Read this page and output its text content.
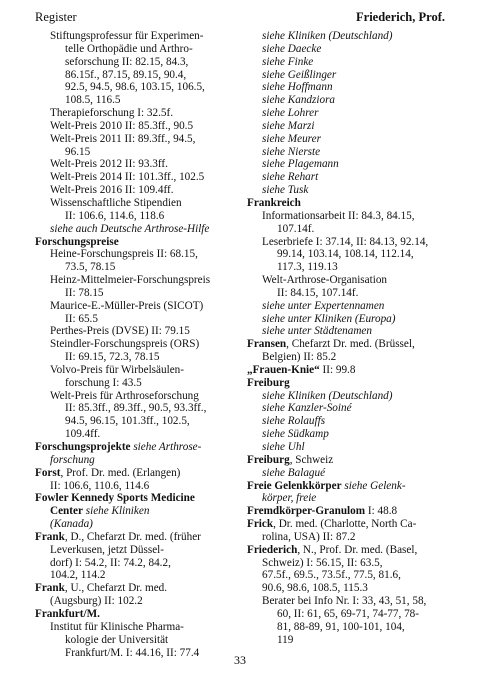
Register	Friederich, Prof.
Stiftungsprofessur für Experimen-
telle Orthopädie und Arthro-
seforschung II: 82.15, 84.3,
86.15f., 87.15, 89.15, 90.4,
92.5, 94.5, 98.6, 103.15, 106.5,
108.5, 116.5
Therapieforschung I: 32.5f.
Welt-Preis 2010 II: 85.3ff., 90.5
Welt-Preis 2011 II: 89.3ff., 94.5,
96.15
Welt-Preis 2012 II: 93.3ff.
Welt-Preis 2014 II: 101.3ff., 102.5
Welt-Preis 2016 II: 109.4ff.
Wissenschaftliche Stipendien
II: 106.6, 114.6, 118.6
siehe auch Deutsche Arthrose-Hilfe
Forschungspreise
Heine-Forschungspreis II: 68.15,
73.5, 78.15
Heinz-Mittelmeier-Forschungspreis
II: 78.15
Maurice-E.-Müller-Preis (SICOT)
II: 65.5
Perthes-Preis (DVSE) II: 79.15
Steindler-Forschungspreis (ORS)
II: 69.15, 72.3, 78.15
Volvo-Preis für Wirbelsäulen-
forschung I: 43.5
Welt-Preis für Arthroseforschung
II: 85.3ff., 89.3ff., 90.5, 93.3ff.,
94.5, 96.15, 101.3ff., 102.5,
109.4ff.
Forschungsprojekte siehe Arthrose-
forschung
Forst, Prof. Dr. med. (Erlangen)
II: 106.6, 110.6, 114.6
Fowler Kennedy Sports Medicine
Center siehe Kliniken
(Kanada)
Frank, D., Chefarzt Dr. med. (früher
Leverkusen, jetzt Düssel-
dorf) I: 54.2, II: 74.2, 84.2,
104.2, 114.2
Frank, U., Chefarzt Dr. med.
(Augsburg) II: 102.2
Frankfurt/M.
Institut für Klinische Pharma-
kologie der Universität
Frankfurt/M. I: 44.16, II: 77.4
siehe Kliniken (Deutschland)
siehe Daecke
siehe Finke
siehe Geißlinger
siehe Hoffmann
siehe Kandziora
siehe Lohrer
siehe Marzi
siehe Meurer
siehe Nierste
siehe Plagemann
siehe Rehart
siehe Tusk
Frankreich
Informationsarbeit II: 84.3, 84.15,
107.14f.
Leserbriefe I: 37.14, II: 84.13, 92.14,
99.14, 103.14, 108.14, 112.14,
117.3, 119.13
Welt-Arthrose-Organisation
II: 84.15, 107.14f.
siehe unter Expertennamen
siehe unter Kliniken (Europa)
siehe unter Städtenamen
Fransen, Chefarzt Dr. med. (Brüssel,
Belgien) II: 85.2
„Frauen-Knie“ II: 99.8
Freiburg
siehe Kliniken (Deutschland)
siehe Kanzler-Soiné
siehe Rolauffs
siehe Südkamp
siehe Uhl
Freiburg, Schweiz
siehe Balagué
Freie Gelenkkörper siehe Gelenk-
körper, freie
Fremdkörper-Granulom I: 48.8
Frick, Dr. med. (Charlotte, North Ca-
rolina, USA) II: 87.2
Friederich, N., Prof. Dr. med. (Basel,
Schweiz) I: 56.15, II: 63.5,
67.5f., 69.5., 73.5f., 77.5, 81.6,
90.6, 98.6, 108.5, 115.3
Berater bei Info Nr. I: 33, 43, 51, 58,
60, II: 61, 65, 69-71, 74-77, 78-
81, 88-89, 91, 100-101, 104,
119
33
